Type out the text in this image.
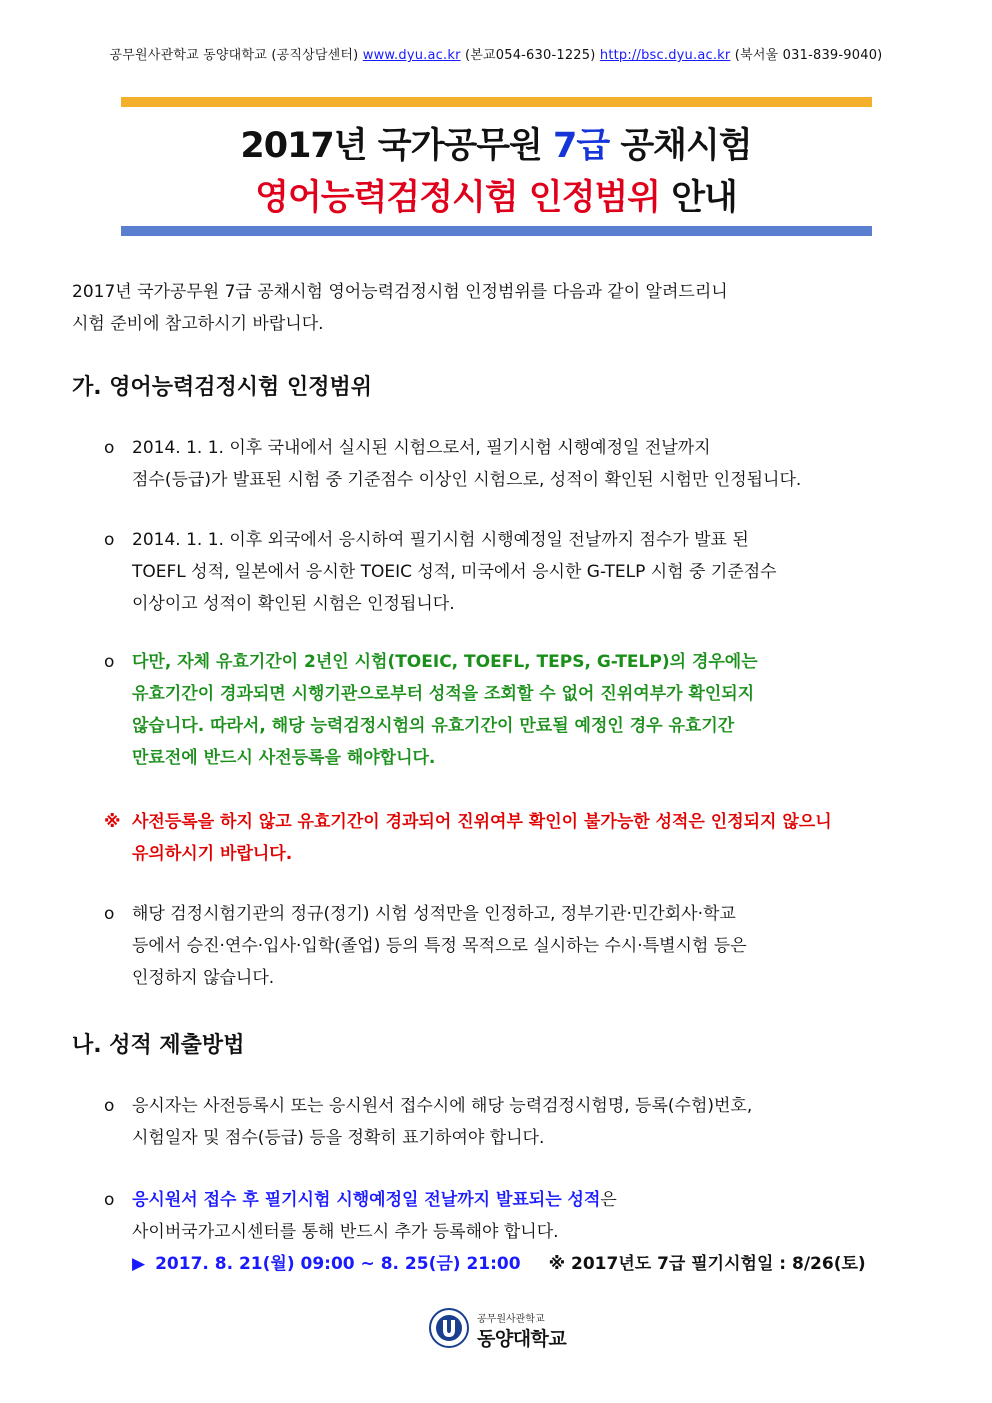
공무원사관학교 동양대학교 (공직상담센터) www.dyu.ac.kr (본교054-630-1225) http://bsc.dyu.ac.kr (북서울 031-839-9040)
2017년 국가공무원 7급 공채시험
영어능력검정시험 인정범위 안내
2017년 국가공무원 7급 공채시험 영어능력검정시험 인정범위를 다음과 같이 알려드리니
시험 준비에 참고하시기 바랍니다.
가. 영어능력검정시험 인정범위
ο	2014. 1. 1. 이후 국내에서 실시된 시험으로서, 필기시험 시행예정일 전날까지
점수(등급)가 발표된 시험 중 기준점수 이상인 시험으로, 성적이 확인된 시험만 인정됩니다.
ο	2014. 1. 1. 이후 외국에서 응시하여 필기시험 시행예정일 전날까지 점수가 발표 된
TOEFL 성적, 일본에서 응시한 TOEIC 성적, 미국에서 응시한 G-TELP 시험 중 기준점수
이상이고 성적이 확인된 시험은 인정됩니다.
ο	다만, 자체 유효기간이 2년인 시험(TOEIC, TOEFL, TEPS, G-TELP)의 경우에는
유효기간이 경과되면 시행기관으로부터 성적을 조회할 수 없어 진위여부가 확인되지
않습니다. 따라서, 해당 능력검정시험의 유효기간이 만료될 예정인 경우 유효기간
만료전에 반드시 사전등록을 해야합니다.
※ 사전등록을 하지 않고 유효기간이 경과되어 진위여부 확인이 불가능한 성적은 인정되지 않으니
유의하시기 바랍니다.
ο	해당 검정시험기관의 정규(정기) 시험 성적만을 인정하고, 정부기관·민간회사·학교
등에서 승진·연수·입사·입학(졸업) 등의 특정 목적으로 실시하는 수시·특별시험 등은
인정하지 않습니다.
나. 성적 제출방법
ο	응시자는 사전등록시 또는 응시원서 접수시에 해당 능력검정시험명, 등록(수험)번호,
시험일자 및 점수(등급) 등을 정확히 표기하여야 합니다.
ο	응시원서 접수 후 필기시험 시행예정일 전날까지 발표되는 성적은
사이버국가고시센터를 통해 반드시 추가 등록해야 합니다.
▶ 2017. 8. 21(월) 09:00 ~ 8. 25(금) 21:00 ※ 2017년도 7급 필기시험일 : 8/26(토)
공무원사관학교
동양대학교
